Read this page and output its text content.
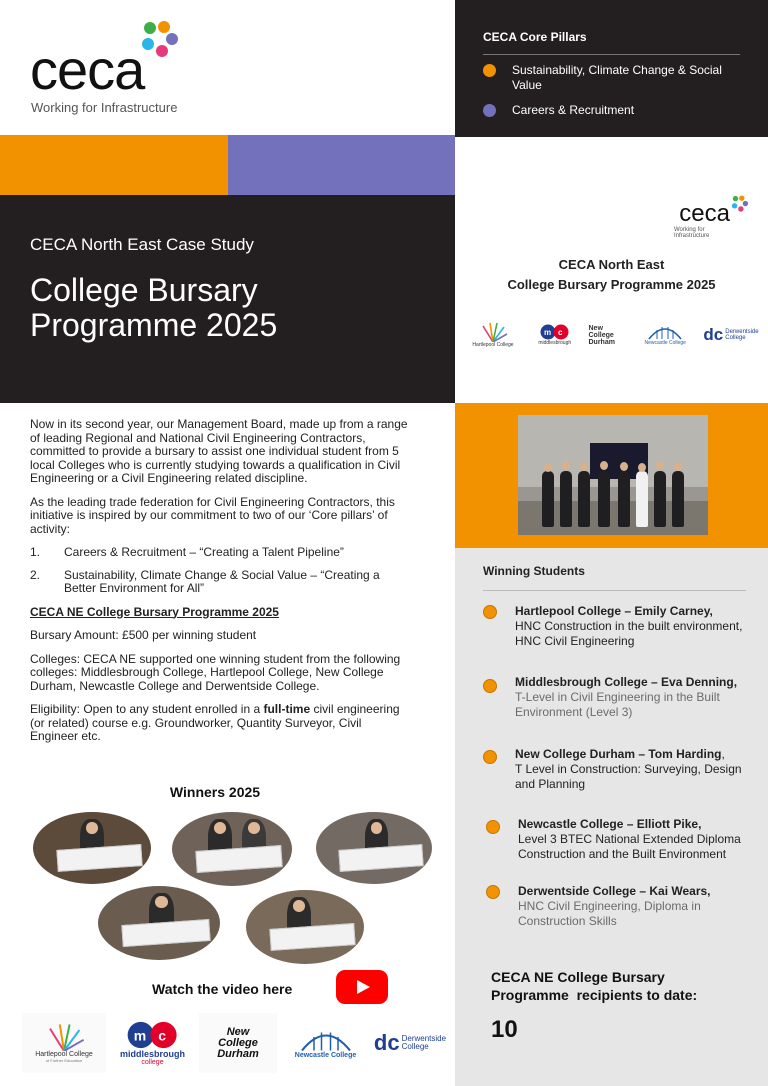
ceca
Working for Infrastructure
CECA Core Pillars
Sustainability, Climate Change & Social Value
Careers & Recruitment
CECA North East Case Study
College Bursary
Programme 2025
ceca
Working for Infrastructure
CECA North East
College Bursary Programme 2025
Hartlepool College
m c
middlesbrough
New
College
Durham	Newcastle College dc Derwentside
College

Now in its second year, our Management Board, made up from a range of leading Regional and National Civil Engineering Contractors, committed to provide a bursary to assist one individual student from 5 local Colleges who is currently studying towards a qualification in Civil Engineering or a Civil Engineering related discipline.

As the leading trade federation for Civil Engineering Contractors, this initiative is inspired by our commitment to two of our ‘Core pillars’ of activity:

1.	Careers & Recruitment – “Creating a Talent Pipeline”
2.	Sustainability, Climate Change & Social Value – “Creating a Better Environment for All”

CECA NE College Bursary Programme 2025

Bursary Amount: £500 per winning student

Colleges: CECA NE supported one winning student from the following colleges: Middlesbrough College, Hartlepool College, New College Durham, Newcastle College and Derwentside College.

Eligibility: Open to any student enrolled in a full-time civil engineering (or related) course e.g. Groundworker, Quantity Surveyor, Civil Engineer etc.

Winners 2025
Watch the video here
Hartlepool College
of Further Education
m c
middlesbrough
college
New
College
Durham	Newcastle College dc Derwentside
College
Winning Students
Hartlepool College – Emily Carney,
HNC Construction in the built environment, HNC Civil Engineering
Middlesbrough College – Eva Denning,
T-Level in Civil Engineering in the Built Environment (Level 3)
New College Durham – Tom Harding,
T Level in Construction: Surveying, Design and Planning
Newcastle College – Elliott Pike,
Level 3 BTEC National Extended Diploma Construction and the Built Environment
Derwentside College – Kai Wears,
HNC Civil Engineering, Diploma in Construction Skills
CECA NE College Bursary
Programme  recipients to date:
10
